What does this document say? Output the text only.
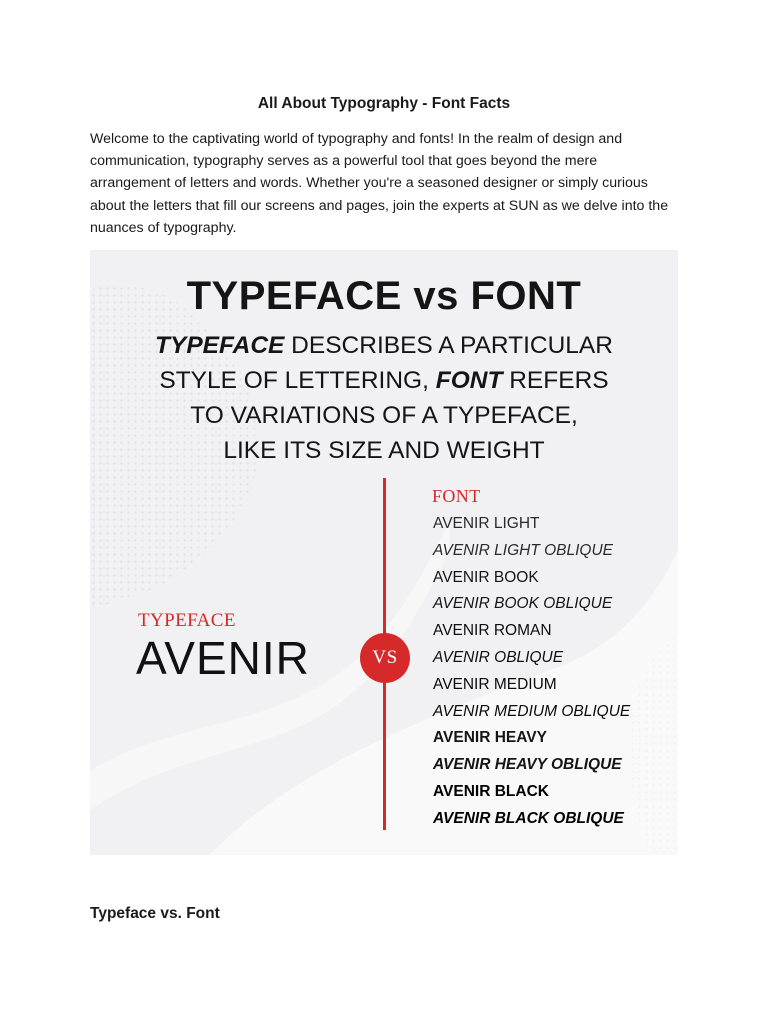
All About Typography - Font Facts

Welcome to the captivating world of typography and fonts! In the realm of design and communication, typography serves as a powerful tool that goes beyond the mere arrangement of letters and words. Whether you're a seasoned designer or simply curious about the letters that fill our screens and pages, join the experts at SUN as we delve into the nuances of typography.

TYPEFACE vs FONT

TYPEFACE DESCRIBES A PARTICULAR
STYLE OF LETTERING, FONT REFERS
TO VARIATIONS OF A TYPEFACE,
LIKE ITS SIZE AND WEIGHT

VS
TYPEFACE
AVENIR
FONT
AVENIR LIGHT
AVENIR LIGHT OBLIQUE
AVENIR BOOK
AVENIR BOOK OBLIQUE
AVENIR ROMAN
AVENIR OBLIQUE
AVENIR MEDIUM
AVENIR MEDIUM OBLIQUE
AVENIR HEAVY
AVENIR HEAVY OBLIQUE
AVENIR BLACK
AVENIR BLACK OBLIQUE
Typeface vs. Font
